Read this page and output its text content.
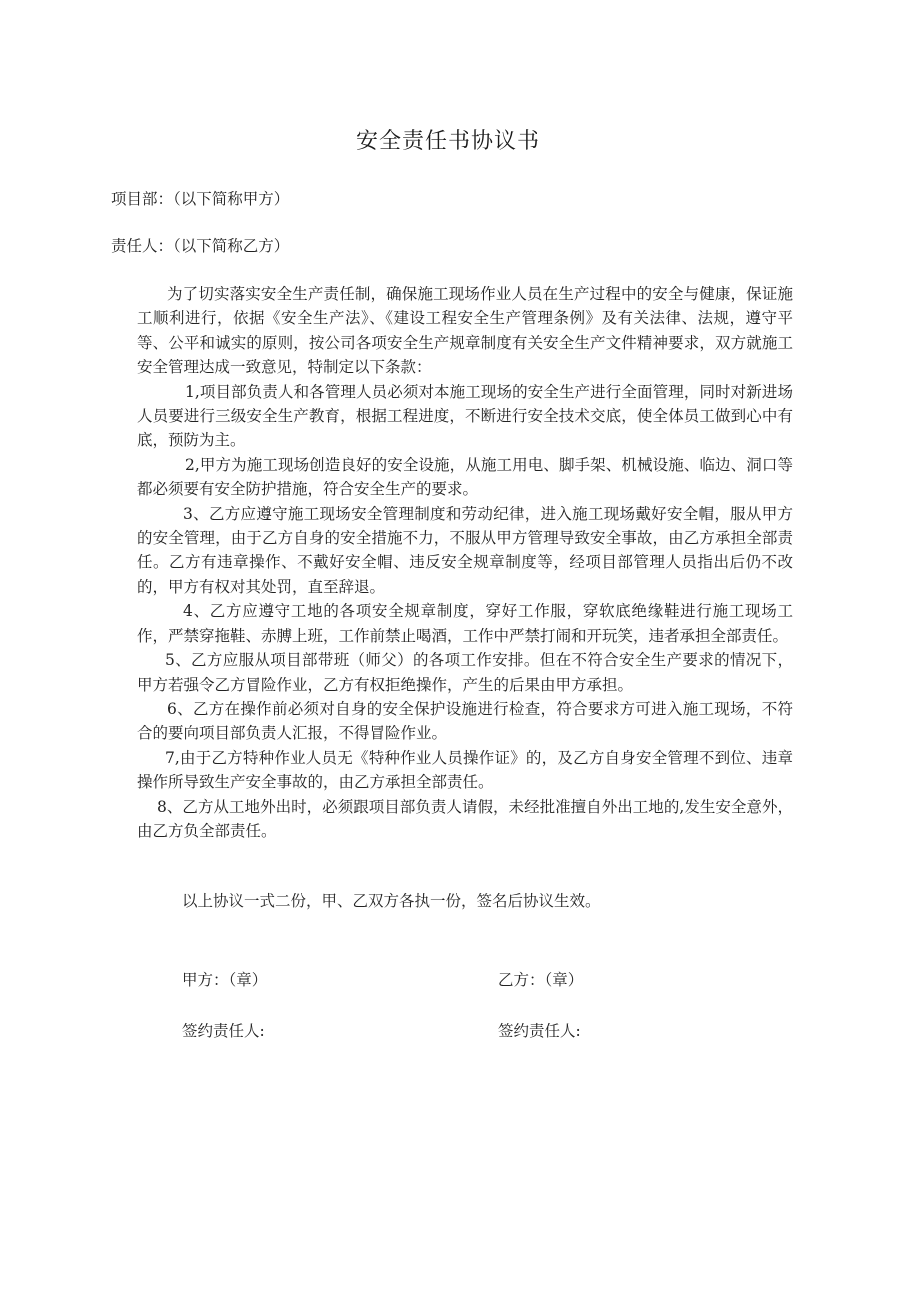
安全责任书协议书
项目部：（以下简称甲方）
责任人：（以下简称乙方）

为了切实落实安全生产责任制，确保施工现场作业人员在生产过程中的安全与健康，保证施工顺利进行，依据《安全生产法》、《建设工程安全生产管理条例》及有关法律、法规，遵守平等、公平和诚实的原则，按公司各项安全生产规章制度有关安全生产文件精神要求，双方就施工安全管理达成一致意见，特制定以下条款：

1,项目部负责人和各管理人员必须对本施工现场的安全生产进行全面管理，同时对新进场人员要进行三级安全生产教育，根据工程进度，不断进行安全技术交底，使全体员工做到心中有底，预防为主。

2,甲方为施工现场创造良好的安全设施，从施工用电、脚手架、机械设施、临边、洞口等都必须要有安全防护措施，符合安全生产的要求。

3、乙方应遵守施工现场安全管理制度和劳动纪律，进入施工现场戴好安全帽，服从甲方的安全管理，由于乙方自身的安全措施不力，不服从甲方管理导致安全事故，由乙方承担全部责任。乙方有违章操作、不戴好安全帽、违反安全规章制度等，经项目部管理人员指出后仍不改的，甲方有权对其处罚，直至辞退。

4、乙方应遵守工地的各项安全规章制度，穿好工作服，穿软底绝缘鞋进行施工现场工作，严禁穿拖鞋、赤膊上班，工作前禁止喝酒，工作中严禁打闹和开玩笑，违者承担全部责任。

5、乙方应服从项目部带班（师父）的各项工作安排。但在不符合安全生产要求的情况下，甲方若强令乙方冒险作业，乙方有权拒绝操作，产生的后果由甲方承担。

6、乙方在操作前必须对自身的安全保护设施进行检查，符合要求方可进入施工现场，不符合的要向项目部负责人汇报，不得冒险作业。

7,由于乙方特种作业人员无《特种作业人员操作证》的，及乙方自身安全管理不到位、违章操作所导致生产安全事故的，由乙方承担全部责任。

8、乙方从工地外出时，必须跟项目部负责人请假，未经批准擅自外出工地的,发生安全意外，由乙方负全部责任。

以上协议一式二份，甲、乙双方各执一份，签名后协议生效。
甲方：（章）	乙方：（章）
签约责任人:	签约责任人:
